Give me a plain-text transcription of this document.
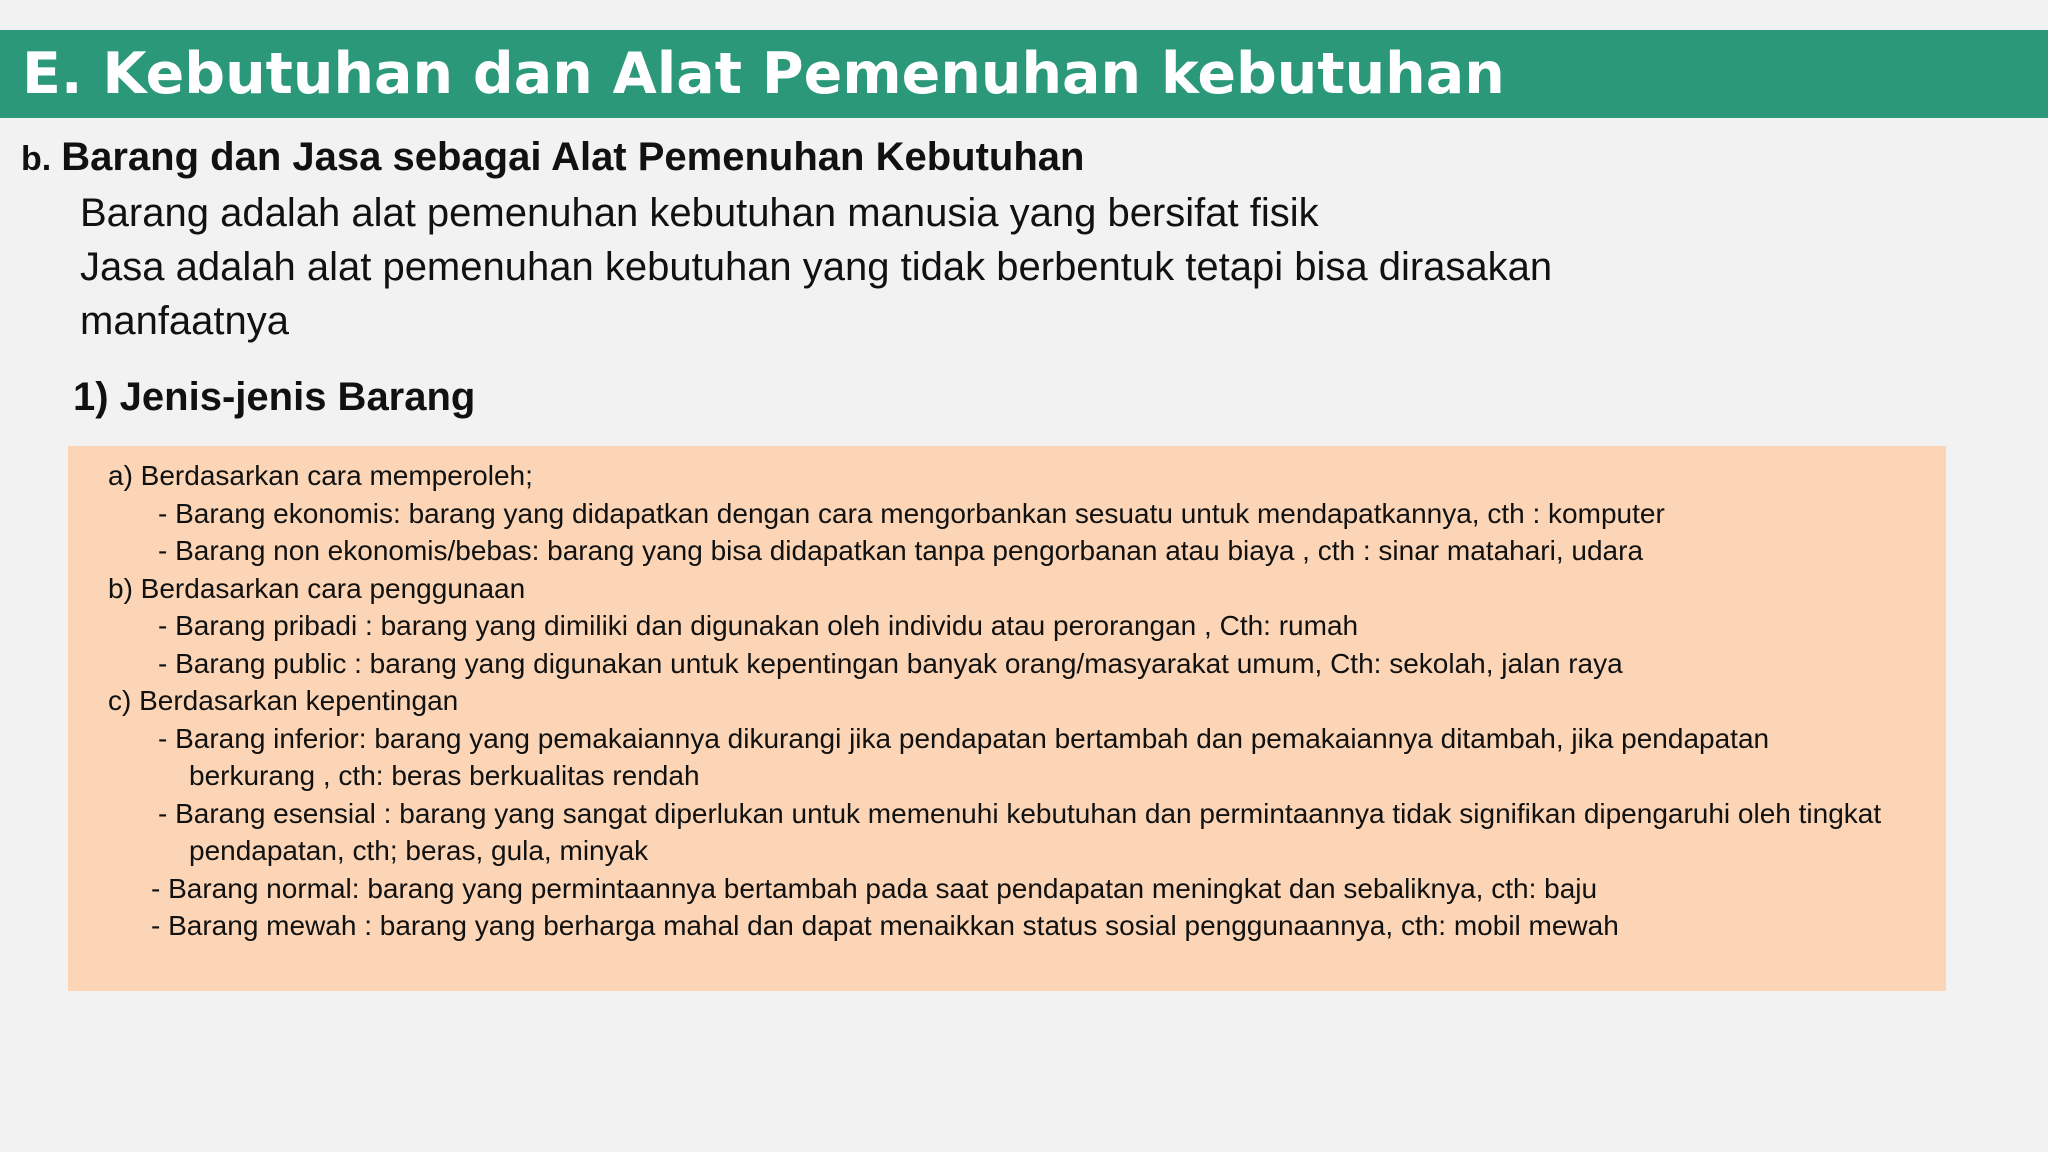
E. Kebutuhan dan Alat Pemenuhan kebutuhan
b. Barang dan Jasa sebagai Alat Pemenuhan Kebutuhan
Barang adalah alat pemenuhan kebutuhan manusia yang bersifat fisik
Jasa adalah alat pemenuhan kebutuhan yang tidak berbentuk tetapi bisa dirasakan
manfaatnya
1) Jenis-jenis Barang
a) Berdasarkan cara memperoleh;
- Barang ekonomis: barang yang didapatkan dengan cara mengorbankan sesuatu untuk mendapatkannya, cth : komputer
- Barang non ekonomis/bebas: barang yang bisa didapatkan tanpa pengorbanan atau biaya , cth : sinar matahari, udara
b) Berdasarkan cara penggunaan
- Barang pribadi : barang yang dimiliki dan digunakan oleh individu atau perorangan , Cth: rumah
- Barang public : barang yang digunakan untuk kepentingan banyak orang/masyarakat umum, Cth: sekolah, jalan raya
c) Berdasarkan kepentingan
- Barang inferior: barang yang pemakaiannya dikurangi jika pendapatan bertambah dan pemakaiannya ditambah, jika pendapatan
berkurang , cth: beras berkualitas rendah
- Barang esensial : barang yang sangat diperlukan untuk memenuhi kebutuhan dan permintaannya tidak signifikan dipengaruhi oleh tingkat
pendapatan, cth; beras, gula, minyak
- Barang normal: barang yang permintaannya bertambah pada saat pendapatan meningkat dan sebaliknya, cth: baju
- Barang mewah : barang yang berharga mahal dan dapat menaikkan status sosial penggunaannya, cth: mobil mewah
